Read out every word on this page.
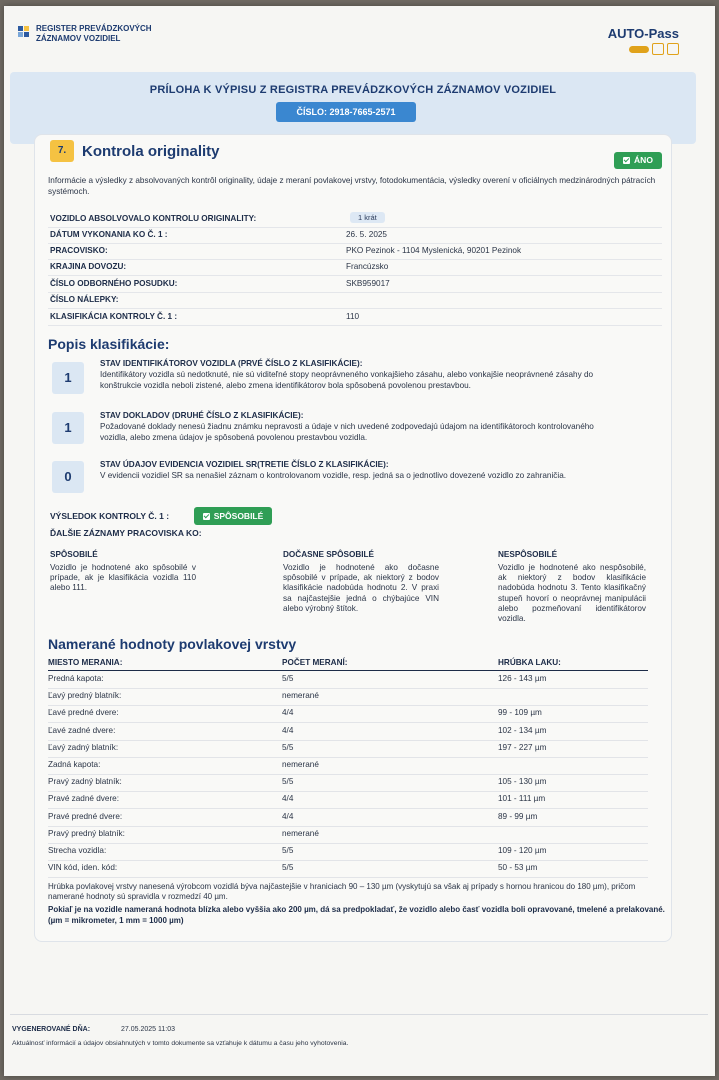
REGISTER PREVÁDZKOVÝCH
ZÁZNAMOV VOZIDIEL	AUTO-Pass
PRÍLOHA K VÝPISU Z REGISTRA PREVÁDZKOVÝCH ZÁZNAMOV VOZIDIEL
ČÍSLO: 2918-7665-2571
7.	Kontrola originality	ÁNO
Informácie a výsledky z absolvovaných kontrôl originality, údaje z meraní povlakovej vrstvy, fotodokumentácia, výsledky overení v oficiálnych medzinárodných pátracích systémoch.
VOZIDLO ABSOLVOVALO KONTROLU ORIGINALITY:	1 krát
DÁTUM VYKONANIA KO Č. 1 :	26. 5. 2025
PRACOVISKO:	PKO Pezinok - 1104 Myslenická, 90201 Pezinok
KRAJINA DOVOZU:	Francúzsko
ČÍSLO ODBORNÉHO POSUDKU:	SKB959017
ČÍSLO NÁLEPKY:
KLASIFIKÁCIA KONTROLY Č. 1 :	110
Popis klasifikácie:
1
STAV IDENTIFIKÁTOROV VOZIDLA (PRVÉ ČÍSLO Z KLASIFIKÁCIE):
Identifikátory vozidla sú nedotknuté, nie sú viditeľné stopy neoprávneného vonkajšieho zásahu, alebo vonkajšie neoprávnené zásahy do konštrukcie vozidla neboli zistené, alebo zmena identifikátorov bola spôsobená povolenou prestavbou.
1
STAV DOKLADOV (DRUHÉ ČÍSLO Z KLASIFIKÁCIE):
Požadované doklady nenesú žiadnu známku nepravosti a údaje v nich uvedené zodpovedajú údajom na identifikátoroch kontrolovaného vozidla, alebo zmena údajov je spôsobená povolenou prestavbou vozidla.
0
STAV ÚDAJOV EVIDENCIA VOZIDIEL SR(TRETIE ČÍSLO Z KLASIFIKÁCIE):
V evidencii vozidiel SR sa nenašiel záznam o kontrolovanom vozidle, resp. jedná sa o jednotlivo dovezené vozidlo zo zahraničia.
VÝSLEDOK KONTROLY Č. 1 :	SPÔSOBILÉ
ĎALŠIE ZÁZNAMY PRACOVISKA KO:
SPÔSOBILÉ
Vozidlo je hodnotené ako spôsobilé v prípade, ak je klasifikácia vozidla 110 alebo 111.
DOČASNE SPÔSOBILÉ
Vozidlo je hodnotené ako dočasne spôsobilé v prípade, ak niektorý z bodov klasifikácie nadobúda hodnotu 2. V praxi sa najčastejšie jedná o chýbajúce VIN alebo výrobný štítok.
NESPÔSOBILÉ
Vozidlo je hodnotené ako nespôsobilé, ak niektorý z bodov klasifikácie nadobúda hodnotu 3. Tento klasifikačný stupeň hovorí o neoprávnej manipulácii alebo pozmeňovaní identifikátorov vozidla.
Namerané hodnoty povlakovej vrstvy
MIESTO MERANIA:	POČET MERANÍ:	HRÚBKA LAKU:
Predná kapota:	5/5	126 - 143 µm
Ľavý predný blatník:	nemerané
Ľavé predné dvere:	4/4	99 - 109 µm
Ľavé zadné dvere:	4/4	102 - 134 µm
Ľavý zadný blatník:	5/5	197 - 227 µm
Zadná kapota:	nemerané
Pravý zadný blatník:	5/5	105 - 130 µm
Pravé zadné dvere:	4/4	101 - 111 µm
Pravé predné dvere:	4/4	89 - 99 µm
Pravý predný blatník:	nemerané
Strecha vozidla:	5/5	109 - 120 µm
VIN kód, iden. kód:	5/5	50 - 53 µm
Hrúbka povlakovej vrstvy nanesená výrobcom vozidlá býva najčastejšie v hraniciach 90 – 130 µm (vyskytujú sa však aj prípady s hornou hranicou do 180 µm), pričom namerané hodnoty sú spravidla v rozmedzí 40 µm.
Pokiaľ je na vozidle nameraná hodnota blízka alebo vyššia ako 200 µm, dá sa predpokladať, že vozidlo alebo časť vozidla boli opravované, tmelené a prelakované. (µm = mikrometer, 1 mm = 1000 µm)
VYGENEROVANÉ DŇA:	27.05.2025 11:03
Aktuálnosť informácií a údajov obsiahnutých v tomto dokumente sa vzťahuje k dátumu a času jeho vyhotovenia.
